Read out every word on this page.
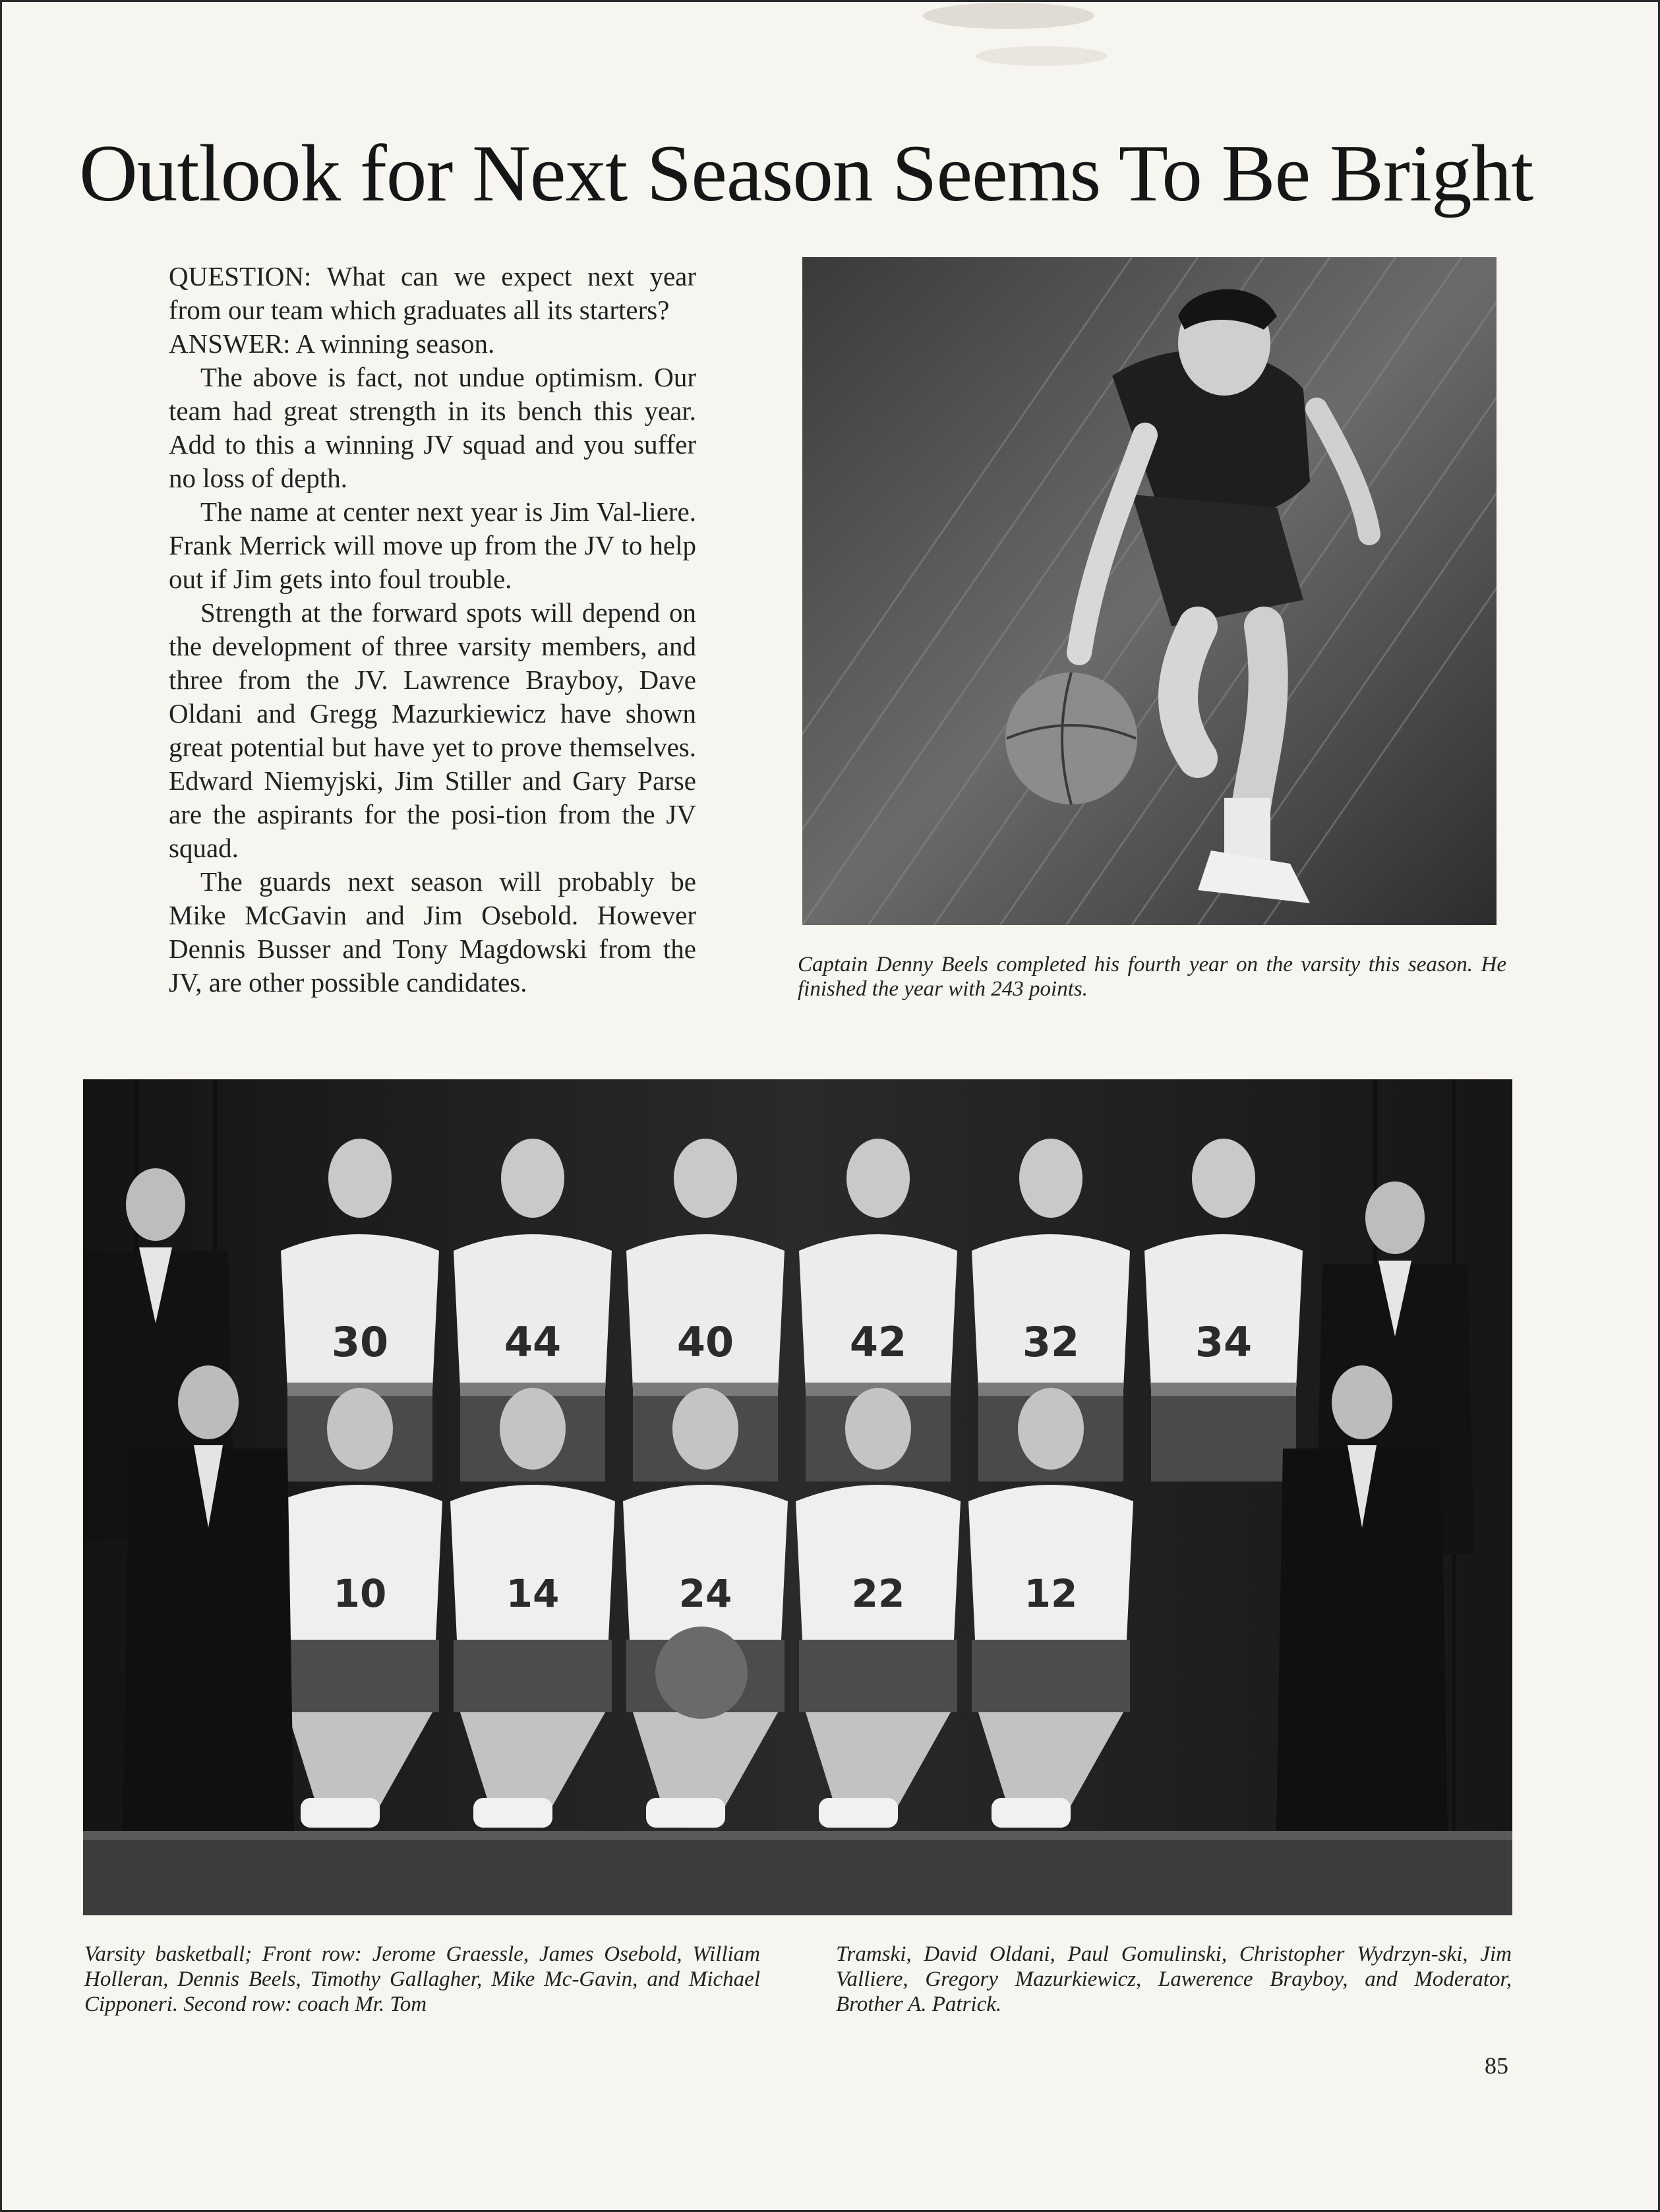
Outlook for Next Season Seems To Be Bright

QUESTION: What can we expect next year from our team which graduates all its starters?

ANSWER: A winning season.

The above is fact, not undue optimism. Our team had great strength in its bench this year. Add to this a winning JV squad and you suffer no loss of depth.

The name at center next year is Jim Val-liere. Frank Merrick will move up from the JV to help out if Jim gets into foul trouble.

Strength at the forward spots will depend on the development of three varsity members, and three from the JV. Lawrence Brayboy, Dave Oldani and Gregg Mazurkiewicz have shown great potential but have yet to prove themselves. Edward Niemyjski, Jim Stiller and Gary Parse are the aspirants for the posi-tion from the JV squad.

The guards next season will probably be Mike McGavin and Jim Osebold. However Dennis Busser and Tony Magdowski from the JV, are other possible candidates.

Captain Denny Beels completed his fourth year on the varsity this season. He finished the year with 243 points.
30	44	40	42	32	34
10	14	24	22	12
Varsity basketball; Front row: Jerome Graessle, James Osebold, William Holleran, Dennis Beels, Timothy Gallagher, Mike Mc-Gavin, and Michael Cipponeri. Second row: coach Mr. Tom
Tramski, David Oldani, Paul Gomulinski, Christopher Wydrzyn-ski, Jim Valliere, Gregory Mazurkiewicz, Lawerence Brayboy, and Moderator, Brother A. Patrick.
85
